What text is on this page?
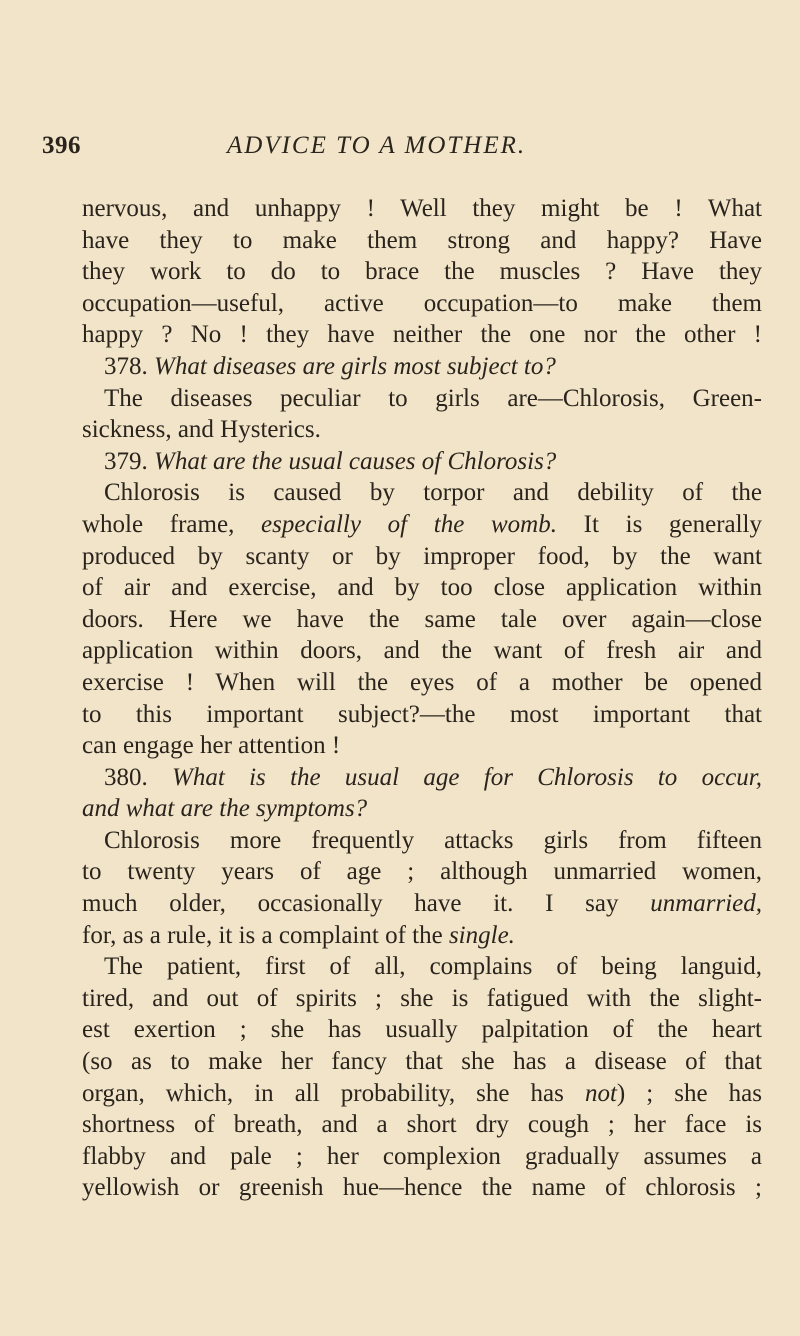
396	ADVICE TO A MOTHER.
nervous, and unhappy ! Well they might be ! What
have they to make them strong and happy? Have
they work to do to brace the muscles ? Have they
occupation—useful, active occupation—to make them
happy ? No ! they have neither the one nor the other !
378. What diseases are girls most subject to?
The diseases peculiar to girls are—Chlorosis, Green-
sickness, and Hysterics.
379. What are the usual causes of Chlorosis?
Chlorosis is caused by torpor and debility of the
whole frame, especially of the womb. It is generally
produced by scanty or by improper food, by the want
of air and exercise, and by too close application within
doors. Here we have the same tale over again—close
application within doors, and the want of fresh air and
exercise ! When will the eyes of a mother be opened
to this important subject?—the most important that
can engage her attention !
380. What is the usual age for Chlorosis to occur,
and what are the symptoms?
Chlorosis more frequently attacks girls from fifteen
to twenty years of age ; although unmarried women,
much older, occasionally have it. I say unmarried,
for, as a rule, it is a complaint of the single.
The patient, first of all, complains of being languid,
tired, and out of spirits ; she is fatigued with the slight-
est exertion ; she has usually palpitation of the heart
(so as to make her fancy that she has a disease of that
organ, which, in all probability, she has not) ; she has
shortness of breath, and a short dry cough ; her face is
flabby and pale ; her complexion gradually assumes a
yellowish or greenish hue—hence the name of chlorosis ;
